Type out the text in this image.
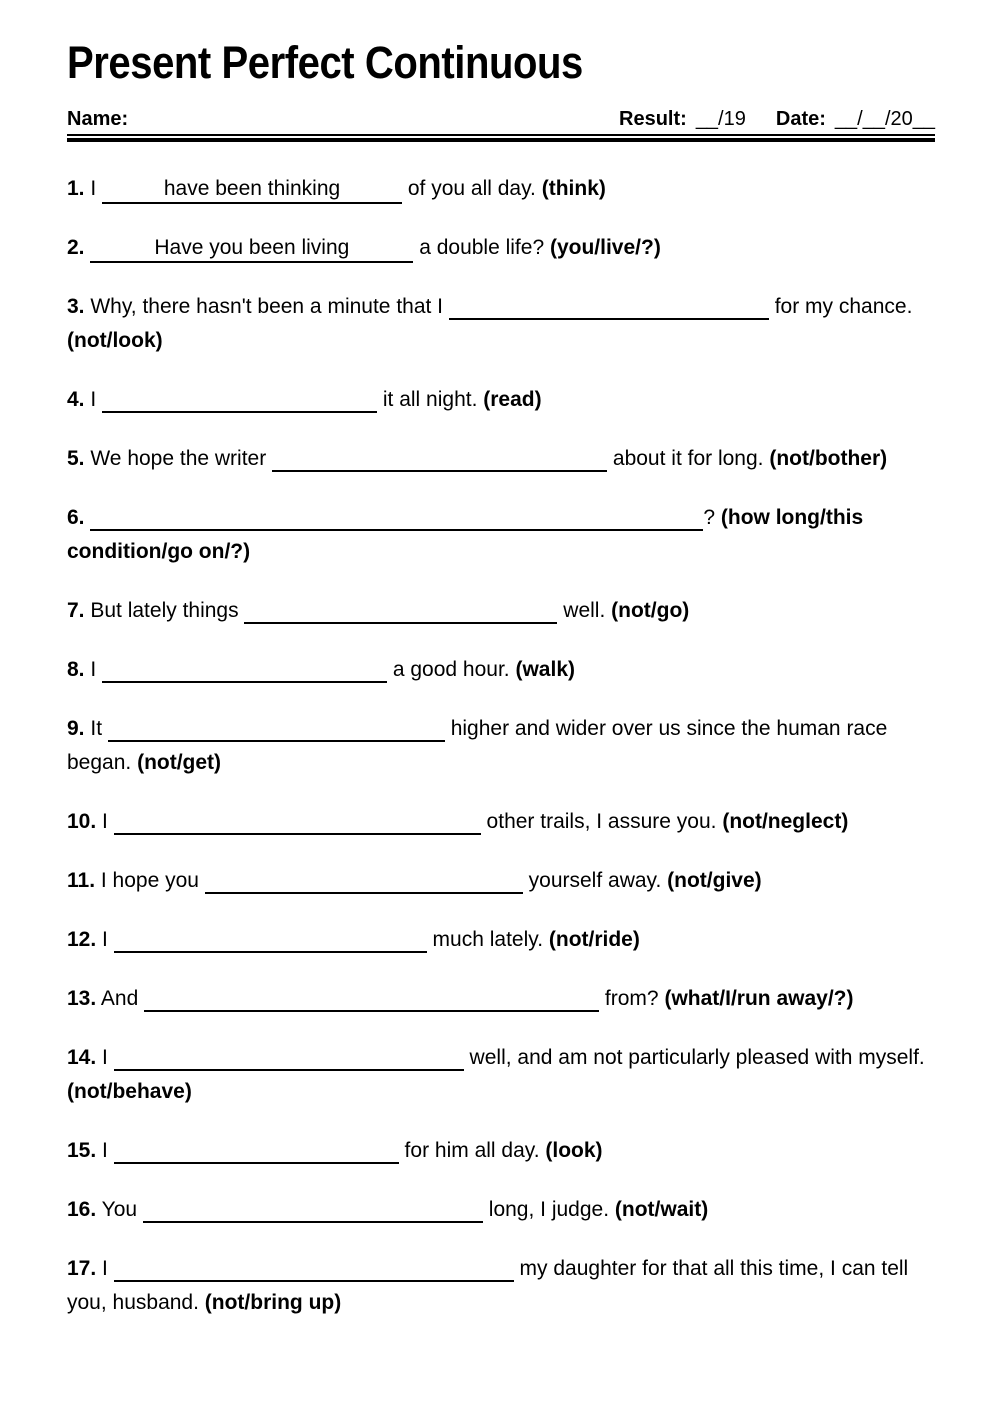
Present Perfect Continuous
Name:	Result: __/19 Date: __/__/20__

1. I	have been thinking	of you all day. (think)

2.	Have you been living	a double life? (you/live/?)

3. Why, there hasn't been a minute that I	for my chance. (not/look)

4. I	it all night. (read)

5. We hope the writer	about it for long. (not/bother)

6.	? (how long/this condition/go on/?)

7. But lately things	well. (not/go)

8. I	a good hour. (walk)

9. It	higher and wider over us since the human race began. (not/get)

10. I	other trails, I assure you. (not/neglect)

11. I hope you	yourself away. (not/give)

12. I	much lately. (not/ride)

13. And	from? (what/I/run away/?)

14. I	well, and am not particularly pleased with myself. (not/behave)

15. I	for him all day. (look)

16. You	long, I judge. (not/wait)

17. I	my daughter for that all this time, I can tell you, husband. (not/bring up)
